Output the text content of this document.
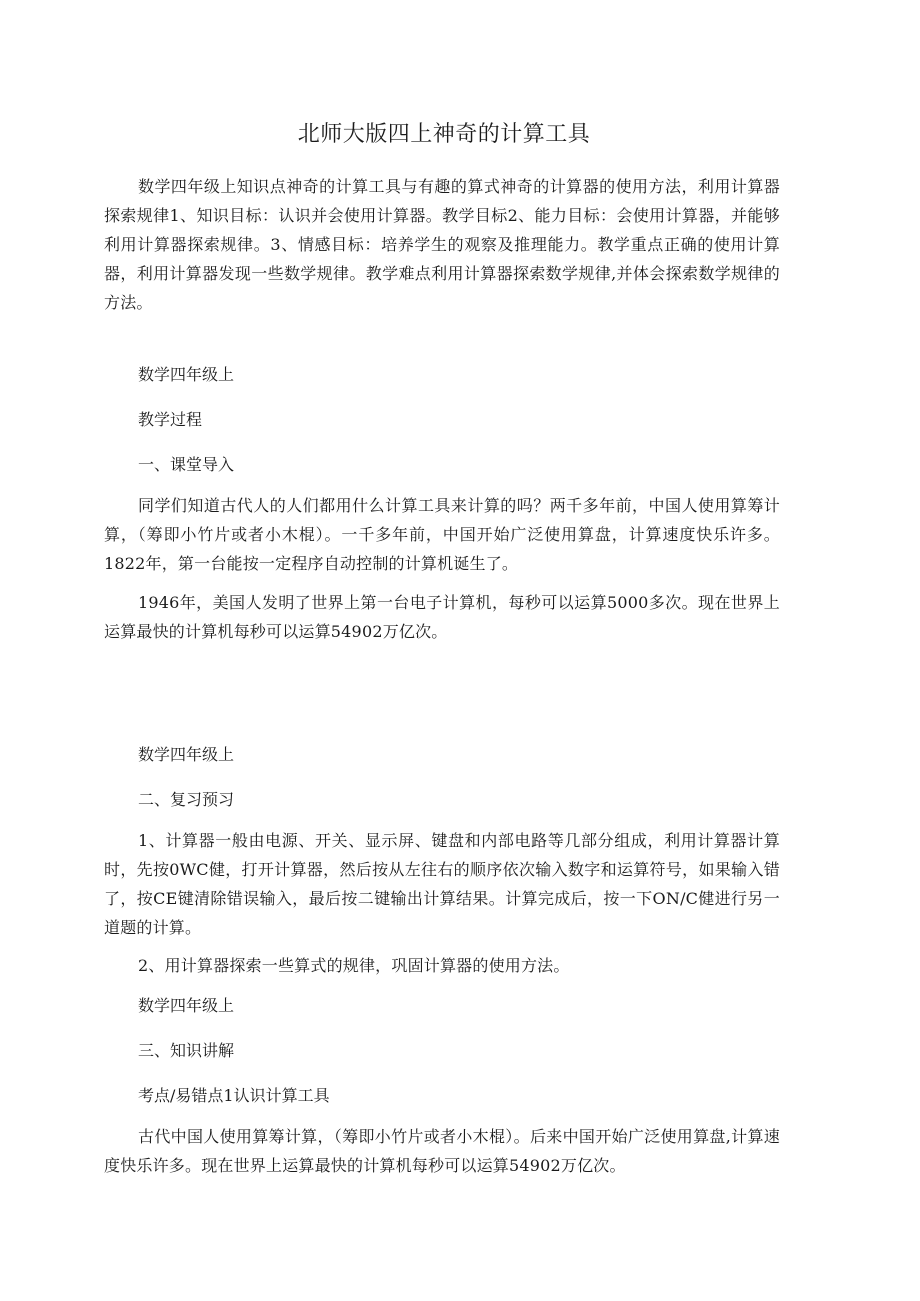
北师大版四上神奇的计算工具

数学四年级上知识点神奇的计算工具与有趣的算式神奇的计算器的使用方法，利用计算器探索规律1、知识目标：认识并会使用计算器。教学目标2、能力目标：会使用计算器，并能够利用计算器探索规律。3、情感目标：培养学生的观察及推理能力。教学重点正确的使用计算器，利用计算器发现一些数学规律。教学难点利用计算器探索数学规律,并体会探索数学规律的方法。

数学四年级上

教学过程

一、课堂导入

同学们知道古代人的人们都用什么计算工具来计算的吗？两千多年前，中国人使用算筹计算，（筹即小竹片或者小木棍）。一千多年前，中国开始广泛使用算盘，计算速度快乐许多。1822年，第一台能按一定程序自动控制的计算机诞生了。

1946年，美国人发明了世界上第一台电子计算机，每秒可以运算5000多次。现在世界上运算最快的计算机每秒可以运算54902万亿次。

数学四年级上

二、复习预习

1、计算器一般由电源、开关、显示屏、键盘和内部电路等几部分组成，利用计算器计算时，先按0WC健，打开计算器，然后按从左往右的顺序依次输入数字和运算符号，如果输入错了，按CE键清除错误输入，最后按二键输出计算结果。计算完成后，按一下ON/C健进行另一道题的计算。

2、用计算器探索一些算式的规律，巩固计算器的使用方法。

数学四年级上

三、知识讲解

考点/易错点1认识计算工具

古代中国人使用算筹计算，（筹即小竹片或者小木棍）。后来中国开始广泛使用算盘,计算速度快乐许多。现在世界上运算最快的计算机每秒可以运算54902万亿次。
